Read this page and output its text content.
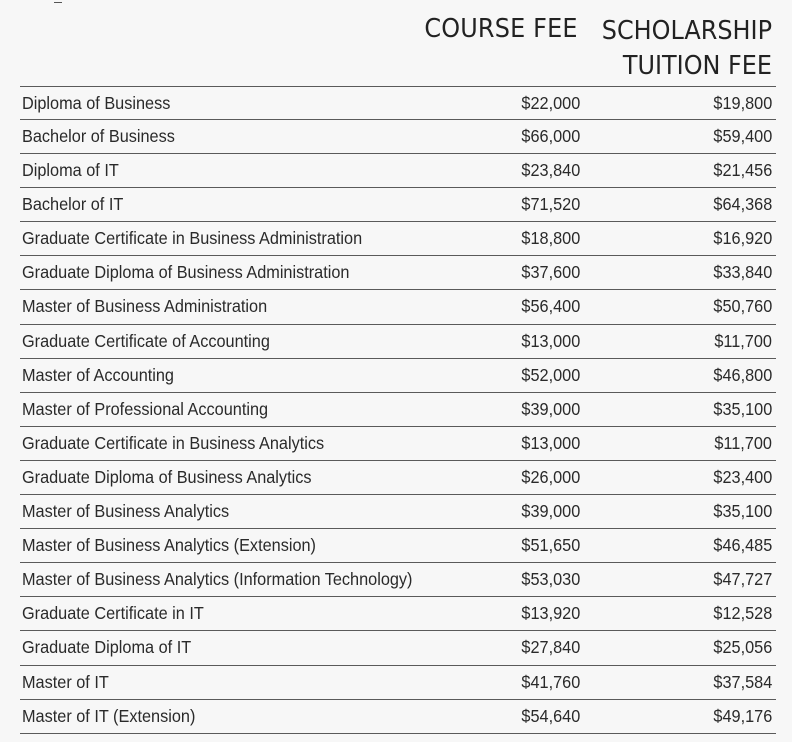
COURSE FEE SCHOLARSHIP
TUITION FEE
Diploma of Business	$22,000	$19,800
Bachelor of Business	$66,000	$59,400
Diploma of IT	$23,840	$21,456
Bachelor of IT	$71,520	$64,368
Graduate Certificate in Business Administration	$18,800	$16,920
Graduate Diploma of Business Administration	$37,600	$33,840
Master of Business Administration	$56,400	$50,760
Graduate Certificate of Accounting	$13,000	$11,700
Master of Accounting	$52,000	$46,800
Master of Professional Accounting	$39,000	$35,100
Graduate Certificate in Business Analytics	$13,000	$11,700
Graduate Diploma of Business Analytics	$26,000	$23,400
Master of Business Analytics	$39,000	$35,100
Master of Business Analytics (Extension)	$51,650	$46,485
Master of Business Analytics (Information Technology)	$53,030	$47,727
Graduate Certificate in IT	$13,920	$12,528
Graduate Diploma of IT	$27,840	$25,056
Master of IT	$41,760	$37,584
Master of IT (Extension)	$54,640	$49,176
